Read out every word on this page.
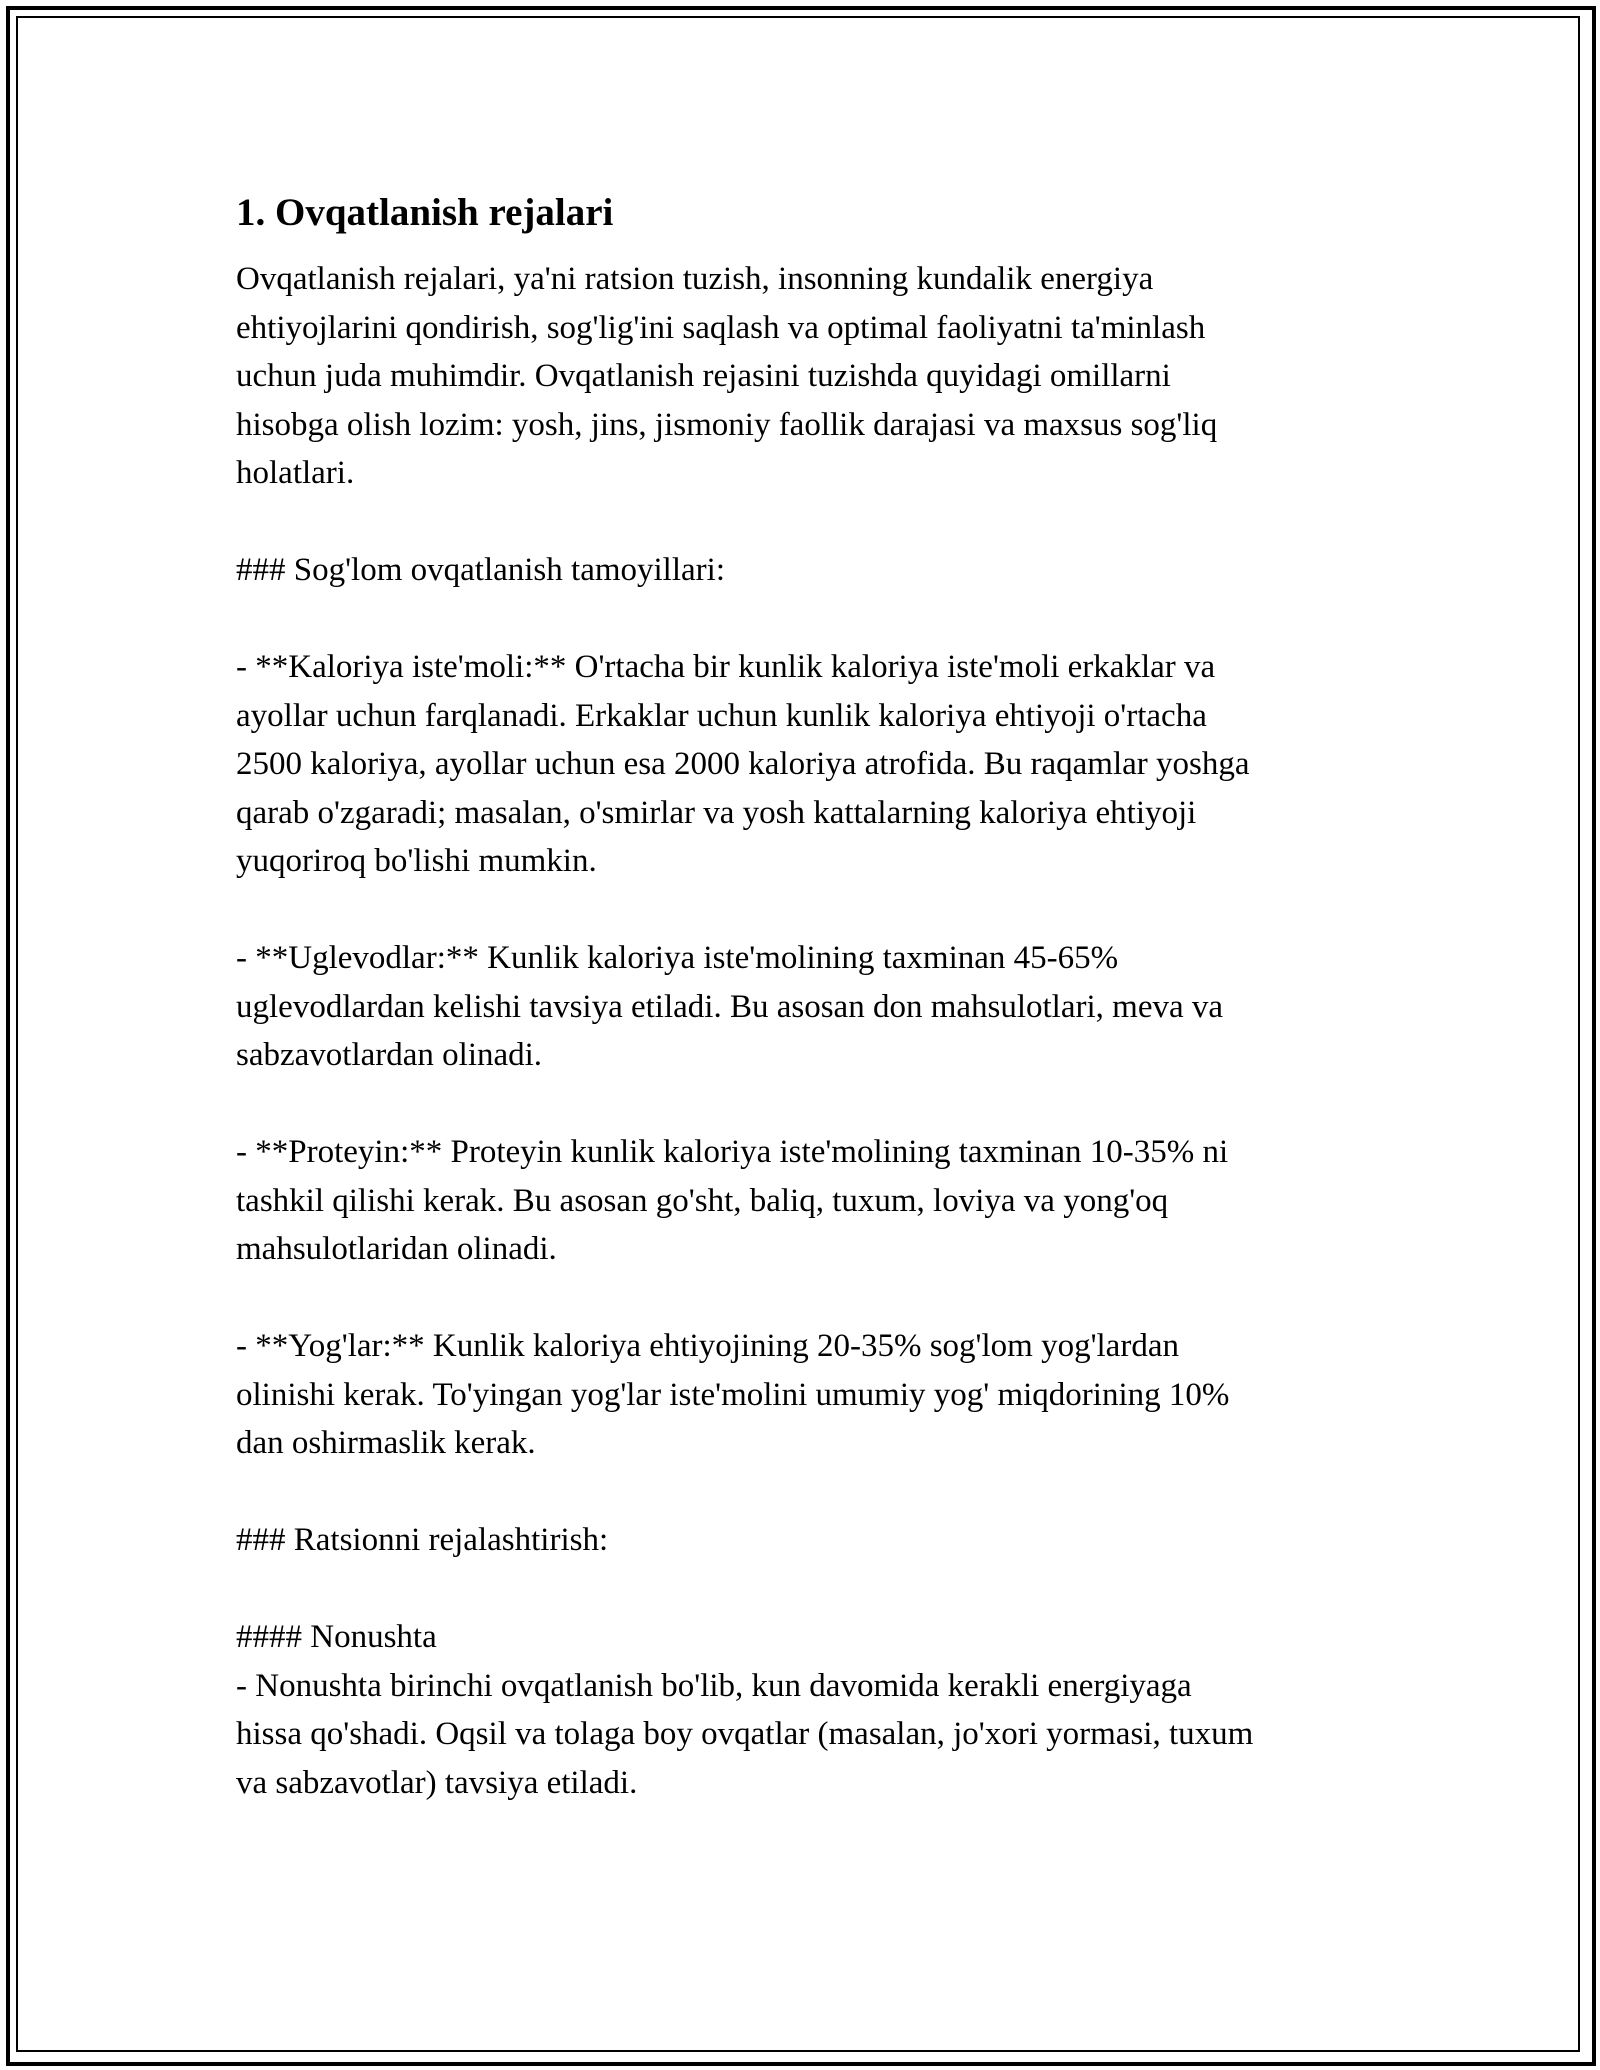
1. Ovqatlanish rejalari

Ovqatlanish rejalari, ya'ni ratsion tuzish, insonning kundalik energiya
ehtiyojlarini qondirish, sog'lig'ini saqlash va optimal faoliyatni ta'minlash
uchun juda muhimdir. Ovqatlanish rejasini tuzishda quyidagi omillarni
hisobga olish lozim: yosh, jins, jismoniy faollik darajasi va maxsus sog'liq
holatlari.

### Sog'lom ovqatlanish tamoyillari:

- **Kaloriya iste'moli:** O'rtacha bir kunlik kaloriya iste'moli erkaklar va
ayollar uchun farqlanadi. Erkaklar uchun kunlik kaloriya ehtiyoji o'rtacha
2500 kaloriya, ayollar uchun esa 2000 kaloriya atrofida. Bu raqamlar yoshga
qarab o'zgaradi; masalan, o'smirlar va yosh kattalarning kaloriya ehtiyoji
yuqoriroq bo'lishi mumkin.

- **Uglevodlar:** Kunlik kaloriya iste'molining taxminan 45-65%
uglevodlardan kelishi tavsiya etiladi. Bu asosan don mahsulotlari, meva va
sabzavotlardan olinadi.

- **Proteyin:** Proteyin kunlik kaloriya iste'molining taxminan 10-35% ni
tashkil qilishi kerak. Bu asosan go'sht, baliq, tuxum, loviya va yong'oq
mahsulotlaridan olinadi.

- **Yog'lar:** Kunlik kaloriya ehtiyojining 20-35% sog'lom yog'lardan
olinishi kerak. To'yingan yog'lar iste'molini umumiy yog' miqdorining 10%
dan oshirmaslik kerak.

### Ratsionni rejalashtirish:

#### Nonushta
- Nonushta birinchi ovqatlanish bo'lib, kun davomida kerakli energiyaga
hissa qo'shadi. Oqsil va tolaga boy ovqatlar (masalan, jo'xori yormasi, tuxum
va sabzavotlar) tavsiya etiladi.
